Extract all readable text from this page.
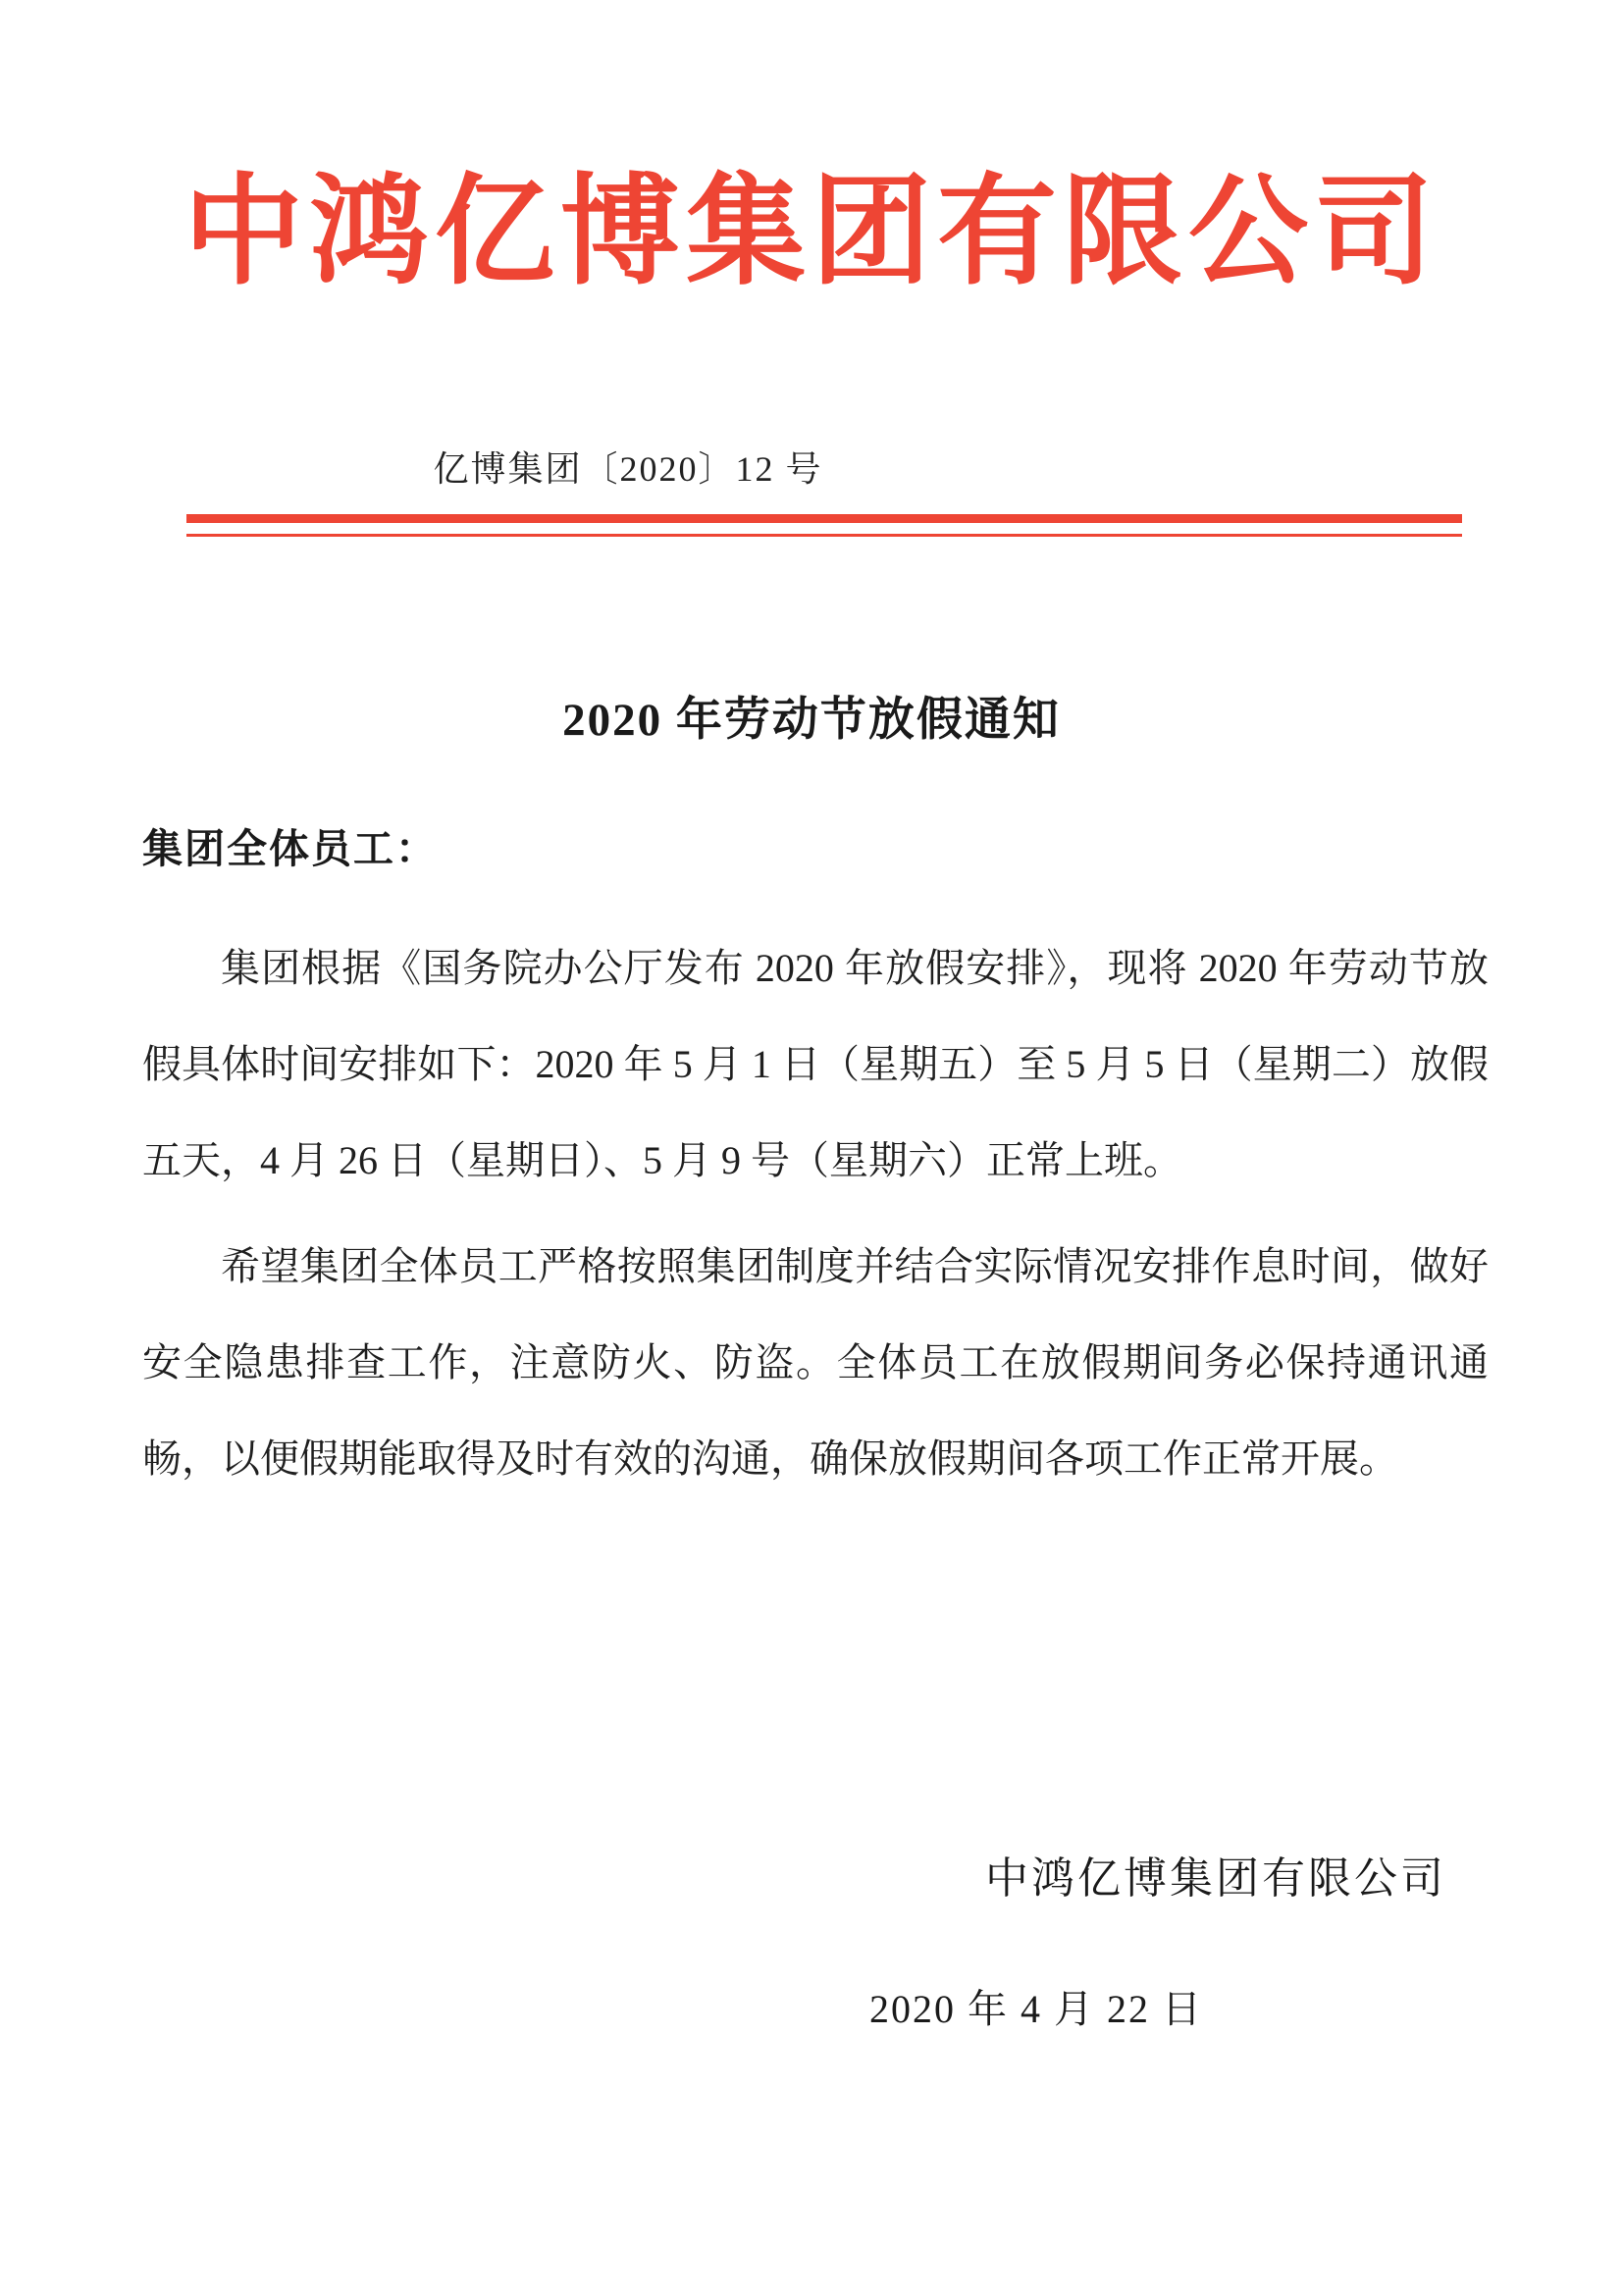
中鸿亿博集团有限公司
亿博集团〔2020〕12 号
2020 年劳动节放假通知
集团全体员工：

集团根据《国务院办公厅发布 2020 年放假安排》，现将 2020 年劳动节放假具体时间安排如下：2020 年 5 月 1 日（星期五）至 5 月 5 日（星期二）放假五天，4 月 26 日（星期日）、5 月 9 号（星期六）正常上班。

希望集团全体员工严格按照集团制度并结合实际情况安排作息时间，做好安全隐患排查工作，注意防火、防盗。全体员工在放假期间务必保持通讯通畅，以便假期能取得及时有效的沟通，确保放假期间各项工作正常开展。

中鸿亿博集团有限公司
2020 年 4 月 22 日
